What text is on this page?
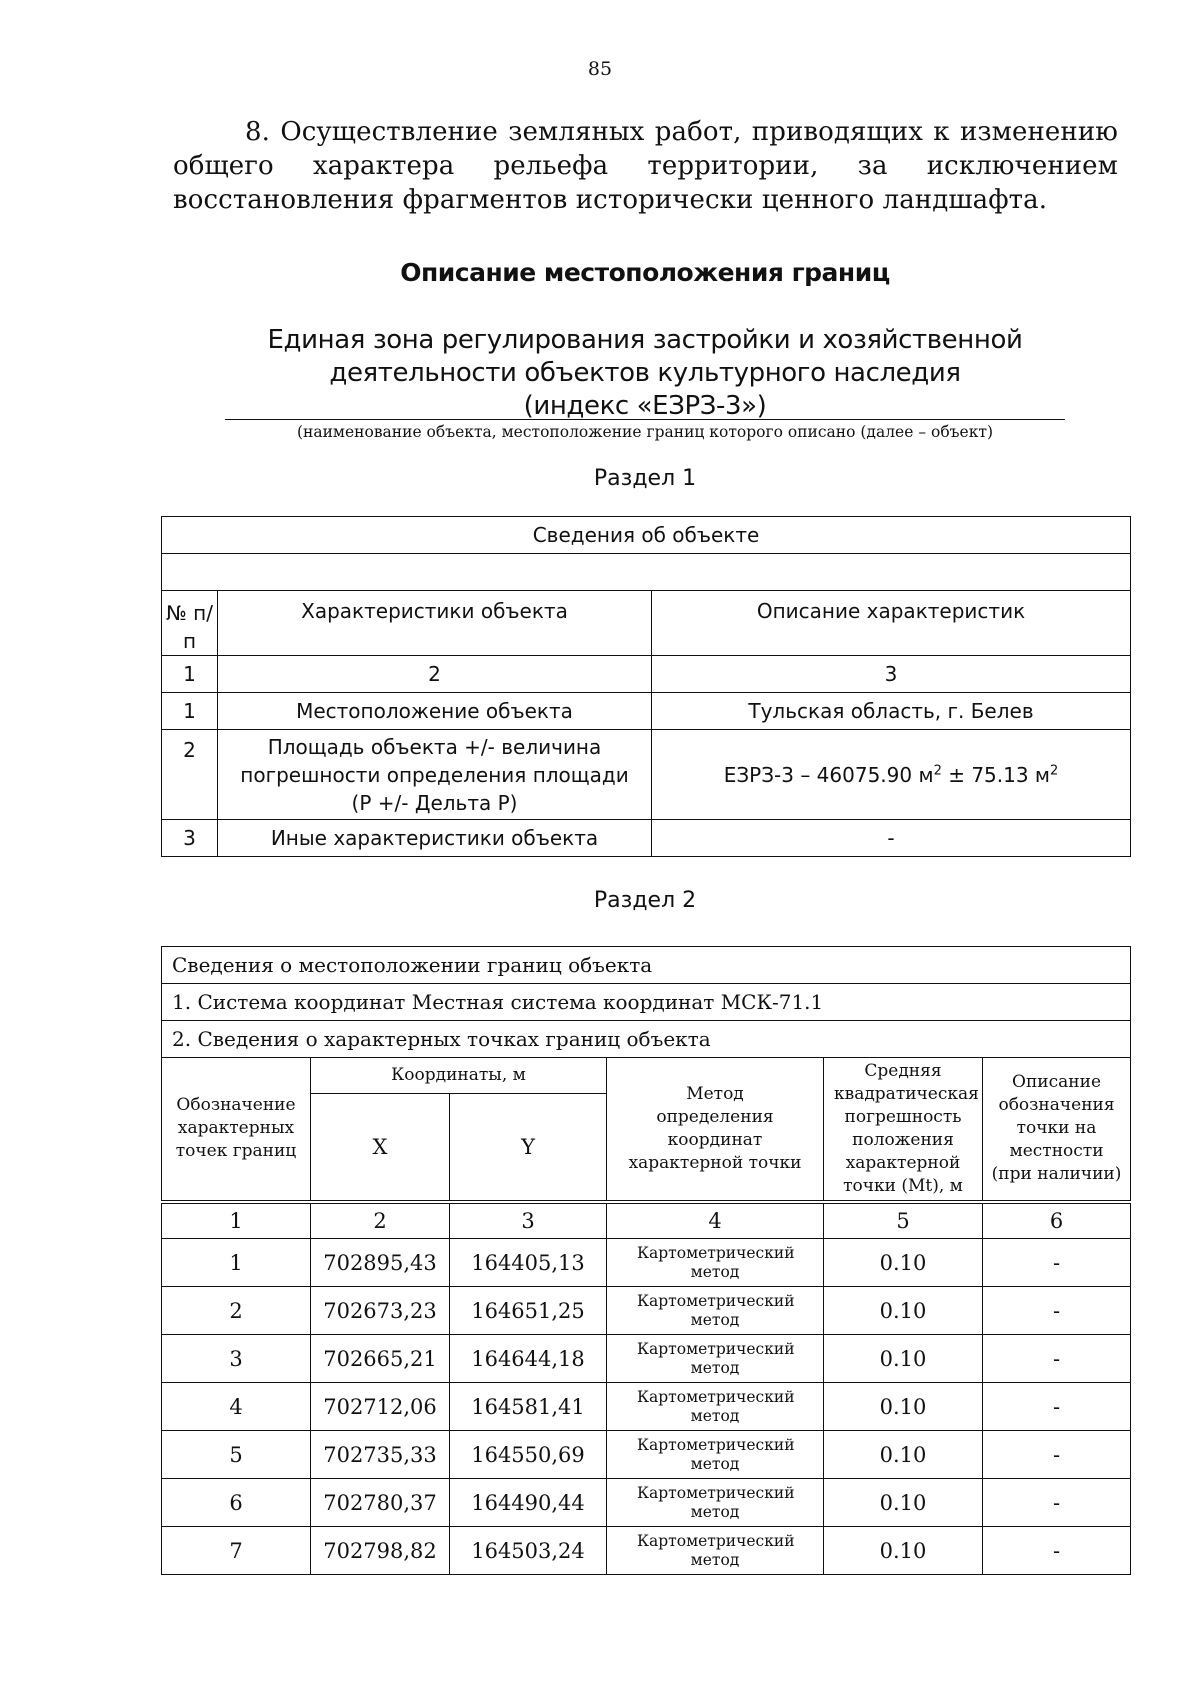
85
8. Осуществление земляных работ, приводящих к изменению общего характера рельефа территории, за исключением восстановления фрагментов исторически ценного ландшафта.
Описание местоположения границ
Единая зона регулирования застройки и хозяйственной
деятельности объектов культурного наследия
(индекс «ЕЗРЗ-3»)
(наименование объекта, местоположение границ которого описано (далее – объект)
Раздел 1
Сведения об объекте		

№ п/п	Характеристики объекта	Описание характеристик
1	2	3
1	Местоположение объекта	Тульская область, г. Белев
2	Площадь объекта +/- величина
погрешности определения площади
(P +/- Дельта P)	ЕЗРЗ-3 – 46075.90 $м^2 \pm 75.13$ $м^2$
3	Иные характеристики объекта	-
Раздел 2
Сведения о местоположении границ объекта					
1. Система координат Местная система координат МСК-71.1					
2. Сведения о характерных точках границ объекта					
Обозначение характерных точек границ	Координаты, м		Метод определения координат характерной точки	Средняя квадратическая погрешность положения характерной точки (Mt), м	Описание обозначения точки на местности (при наличии)
	X	Y			
1	2	3	4	5	6
1	702895,43	164405,13	Картометрический метод	0.10	-
2	702673,23	164651,25	Картометрический метод	0.10	-
3	702665,21	164644,18	Картометрический метод	0.10	-
4	702712,06	164581,41	Картометрический метод	0.10	-
5	702735,33	164550,69	Картометрический метод	0.10	-
6	702780,37	164490,44	Картометрический метод	0.10	-
7	702798,82	164503,24	Картометрический метод	0.10	-
